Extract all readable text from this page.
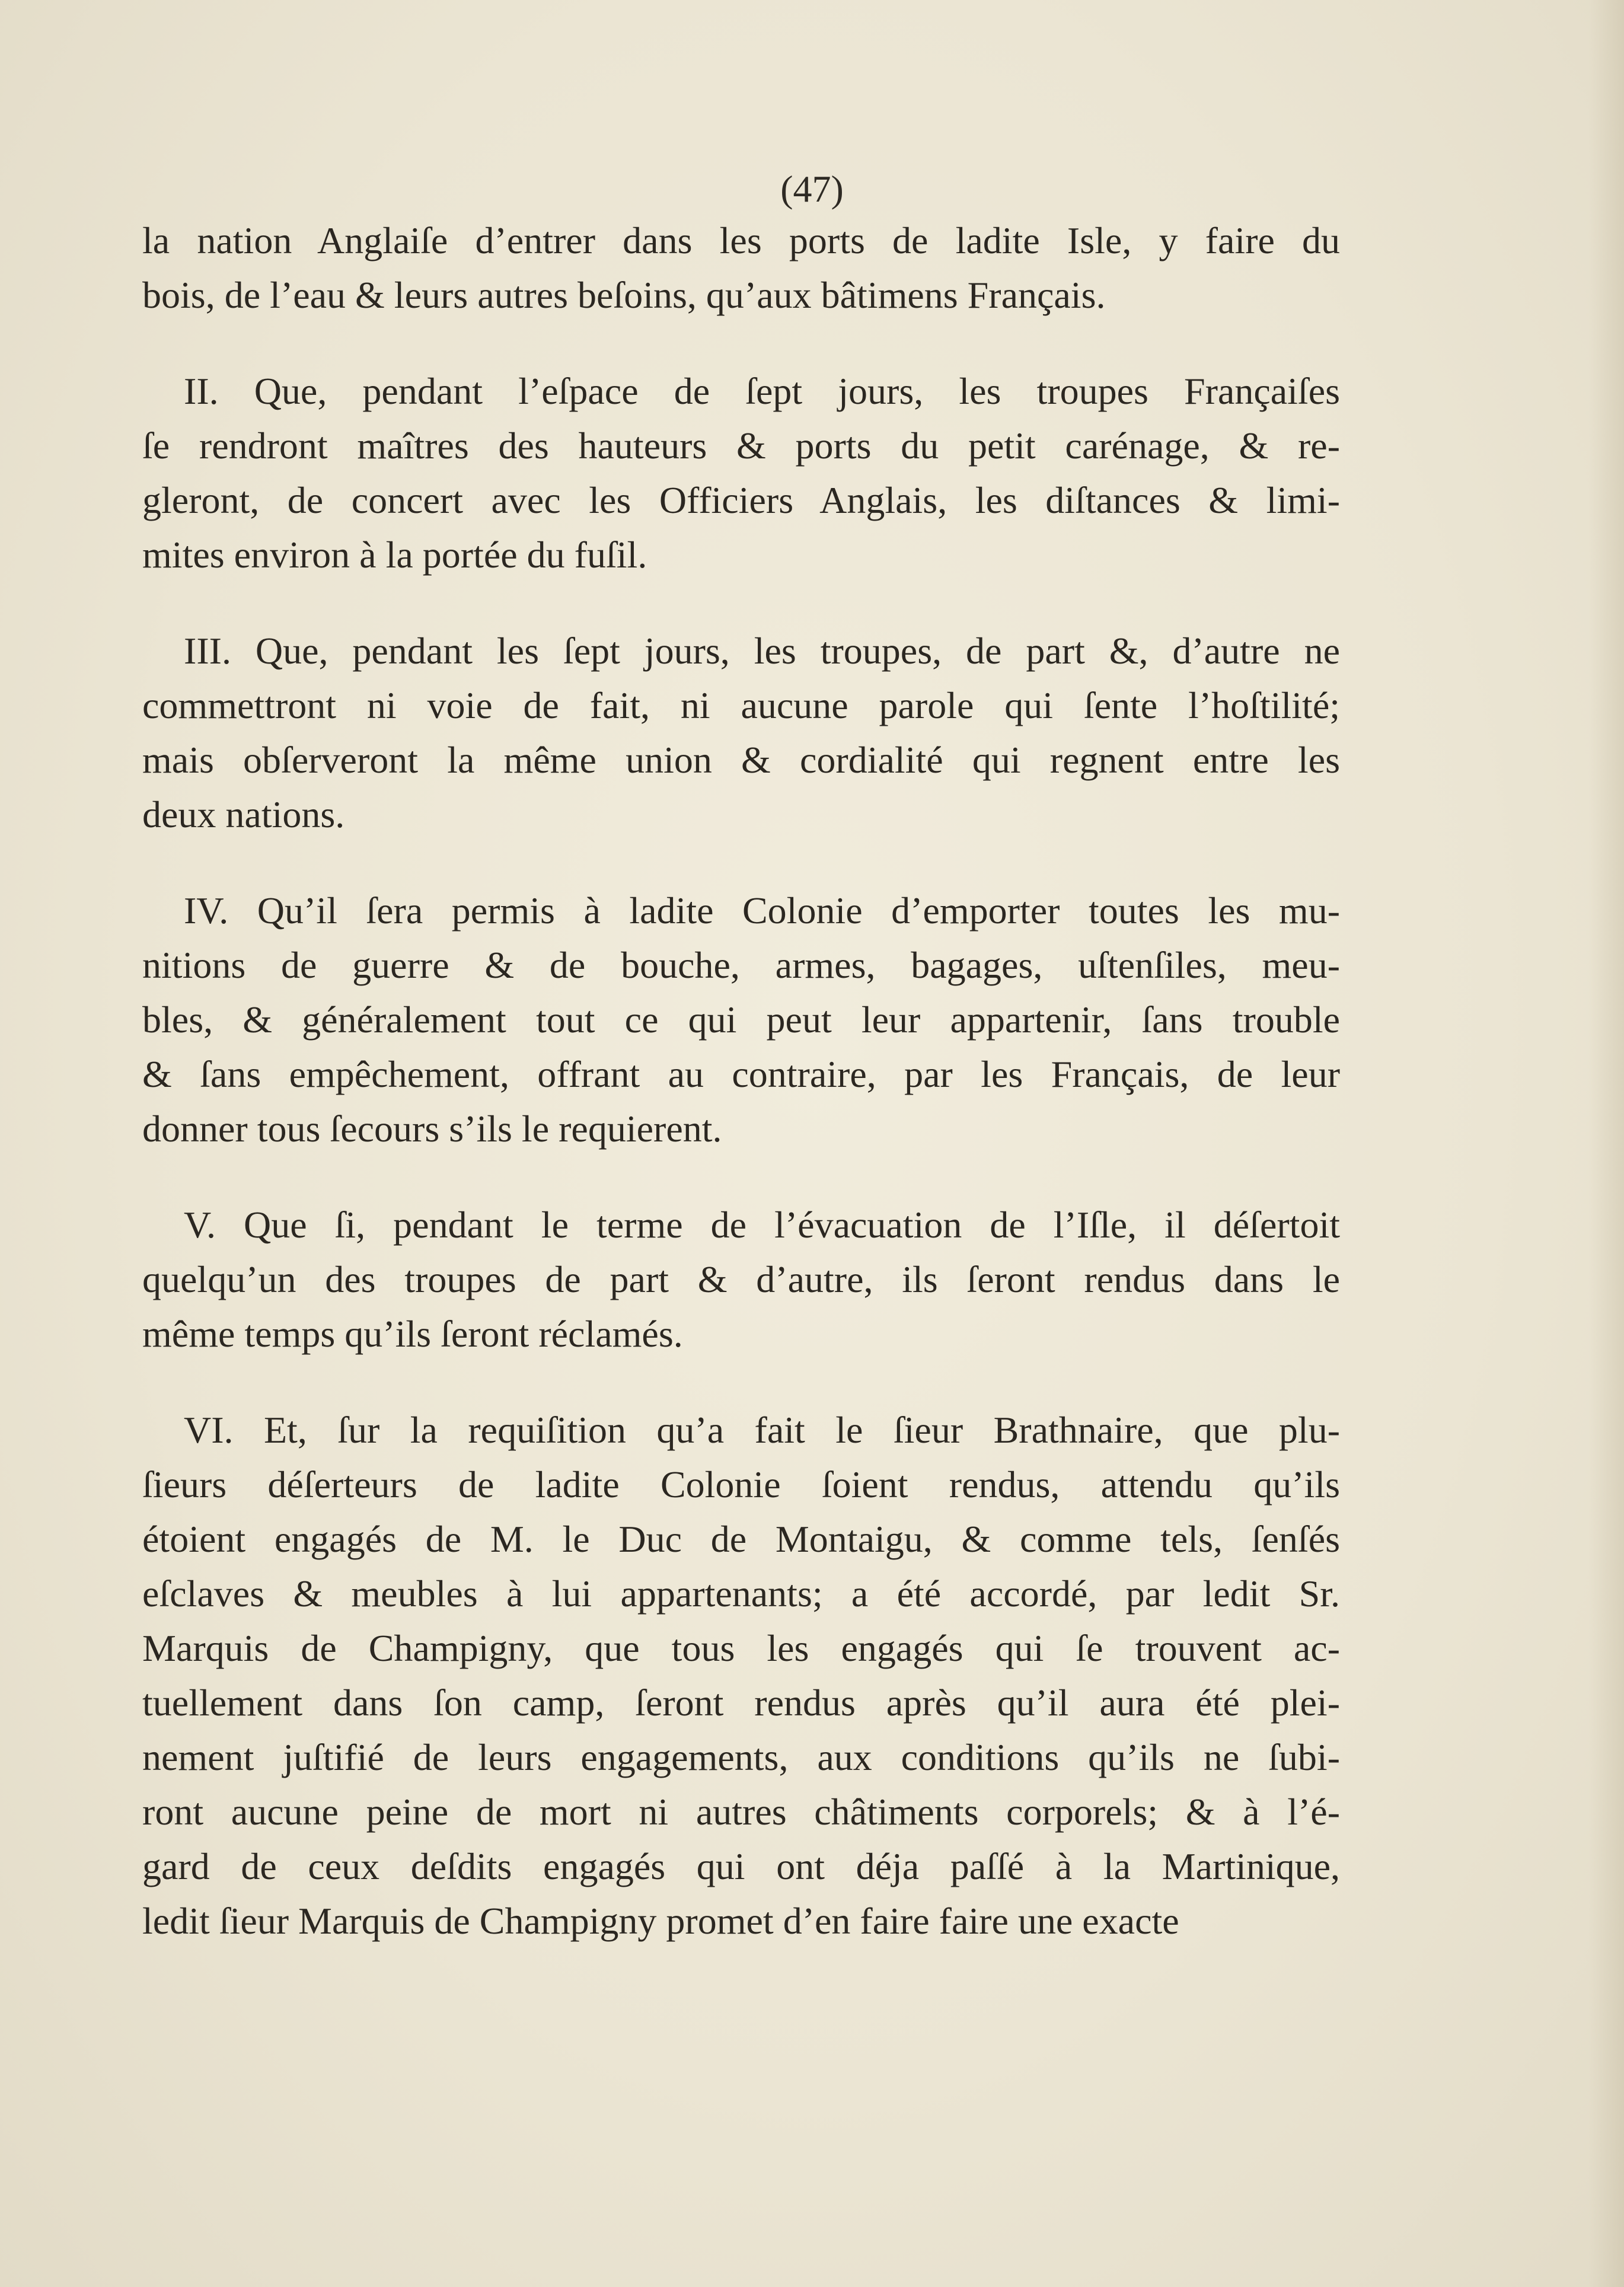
(47)

la nation Anglaiſe d’entrer dans les ports de ladite Isle, y faire du
bois, de l’eau & leurs autres beſoins, qu’aux bâtimens Français.
II. Que, pendant l’eſpace de ſept jours, les troupes Françaiſes
ſe rendront maîtres des hauteurs & ports du petit carénage, & re-
gleront, de concert avec les Officiers Anglais, les diſtances & limi-
mites environ à la portée du fuſil.
III. Que, pendant les ſept jours, les troupes, de part &, d’autre ne
commettront ni voie de fait, ni aucune parole qui ſente l’hoſtilité;
mais obſerveront la même union & cordialité qui regnent entre les
deux nations.
IV. Qu’il ſera permis à ladite Colonie d’emporter toutes les mu-
nitions de guerre & de bouche, armes, bagages, uſtenſiles, meu-
bles, & généralement tout ce qui peut leur appartenir, ſans trouble
& ſans empêchement, offrant au contraire, par les Français, de leur
donner tous ſecours s’ils le requierent.
V. Que ſi, pendant le terme de l’évacuation de l’Iſle, il déſertoit
quelqu’un des troupes de part & d’autre, ils ſeront rendus dans le
même temps qu’ils ſeront réclamés.
VI. Et, ſur la requiſition qu’a fait le ſieur Brathnaire, que plu-
ſieurs déſerteurs de ladite Colonie ſoient rendus, attendu qu’ils
étoient engagés de M. le Duc de Montaigu, & comme tels, ſenſés
eſclaves & meubles à lui appartenants; a été accordé, par ledit Sr.
Marquis de Champigny, que tous les engagés qui ſe trouvent ac-
tuellement dans ſon camp, ſeront rendus après qu’il aura été plei-
nement juſtifié de leurs engagements, aux conditions qu’ils ne ſubi-
ront aucune peine de mort ni autres châtiments corporels; & à l’é-
gard de ceux deſdits engagés qui ont déja paſſé à la Martinique,
ledit ſieur Marquis de Champigny promet d’en faire faire une exacte
